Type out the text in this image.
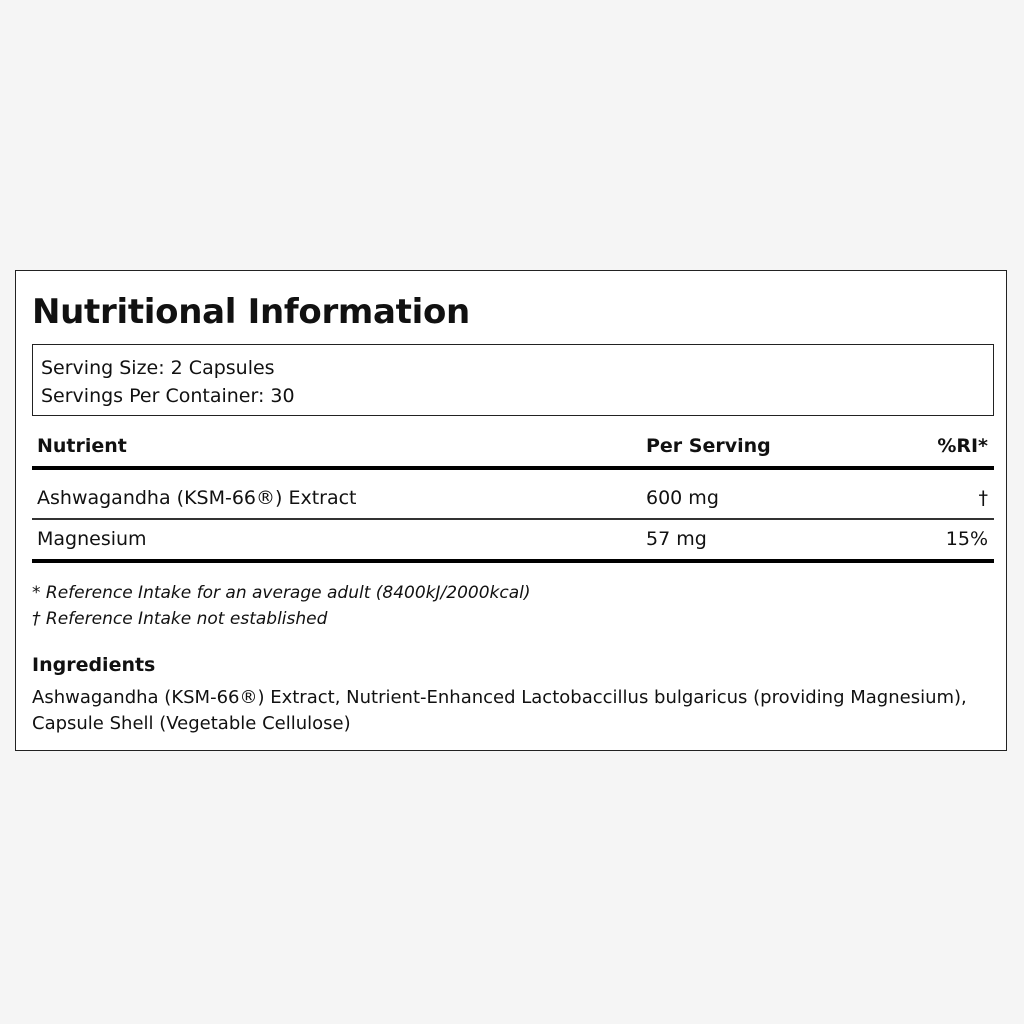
Nutritional Information
Serving Size: 2 Capsules
Servings Per Container: 30
Nutrient	Per Serving	%RI*
Ashwagandha (KSM-66®) Extract	600 mg	†
Magnesium	57 mg	15%
* Reference Intake for an average adult (8400kJ/2000kcal)
† Reference Intake not established
Ingredients
Ashwagandha (KSM-66®) Extract, Nutrient-Enhanced Lactobaccillus bulgaricus (providing Magnesium), Capsule Shell (Vegetable Cellulose)
